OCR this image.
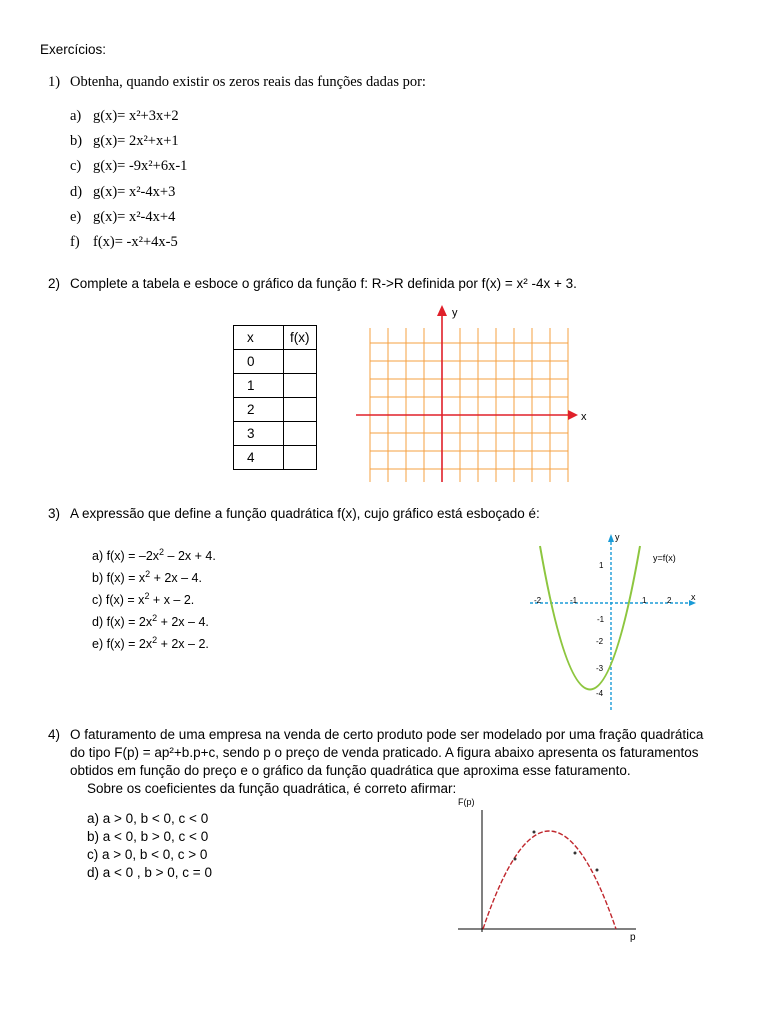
Exercícios:
1) Obtenha, quando existir os zeros reais das funções dadas por:
a) g(x)= x²+3x+2
b) g(x)= 2x²+x+1
c) g(x)= -9x²+6x-1
d) g(x)= x²-4x+3
e) g(x)= x²-4x+4
f) f(x)= -x²+4x-5
2) Complete a tabela e esboce o gráfico da função f: R->R definida por f(x) = x² -4x + 3.
x	f(x)
0	
1	
2	
3	
4	
x
y
3) A expressão que define a função quadrática f(x), cujo gráfico está esboçado é:
a) $f(x) = -2x^2 - 2x + 4$.
b) $f(x) = x^2 + 2x - 4$.
c) $f(x) = x^2 + x - 2$.
d) $f(x) = 2x^2 + 2x - 4$.
e) $f(x) = 2x^2 + 2x - 2$.
x
y
y=f(x)
-2	-1	1	2
1
-1
-2
-3
-4
4) O faturamento de uma empresa na venda de certo produto pode ser modelado por uma fração quadrática
do tipo F(p) = ap²+b.p+c, sendo p o preço de venda praticado. A figura abaixo apresenta os faturamentos
obtidos em função do preço e o gráfico da função quadrática que aproxima esse faturamento.
Sobre os coeficientes da função quadrática, é correto afirmar:
a) a > 0, b < 0, c < 0
b) a < 0, b > 0, c < 0
c) a > 0, b < 0, c > 0
d) a < 0 , b > 0, c = 0
F(p)
p
